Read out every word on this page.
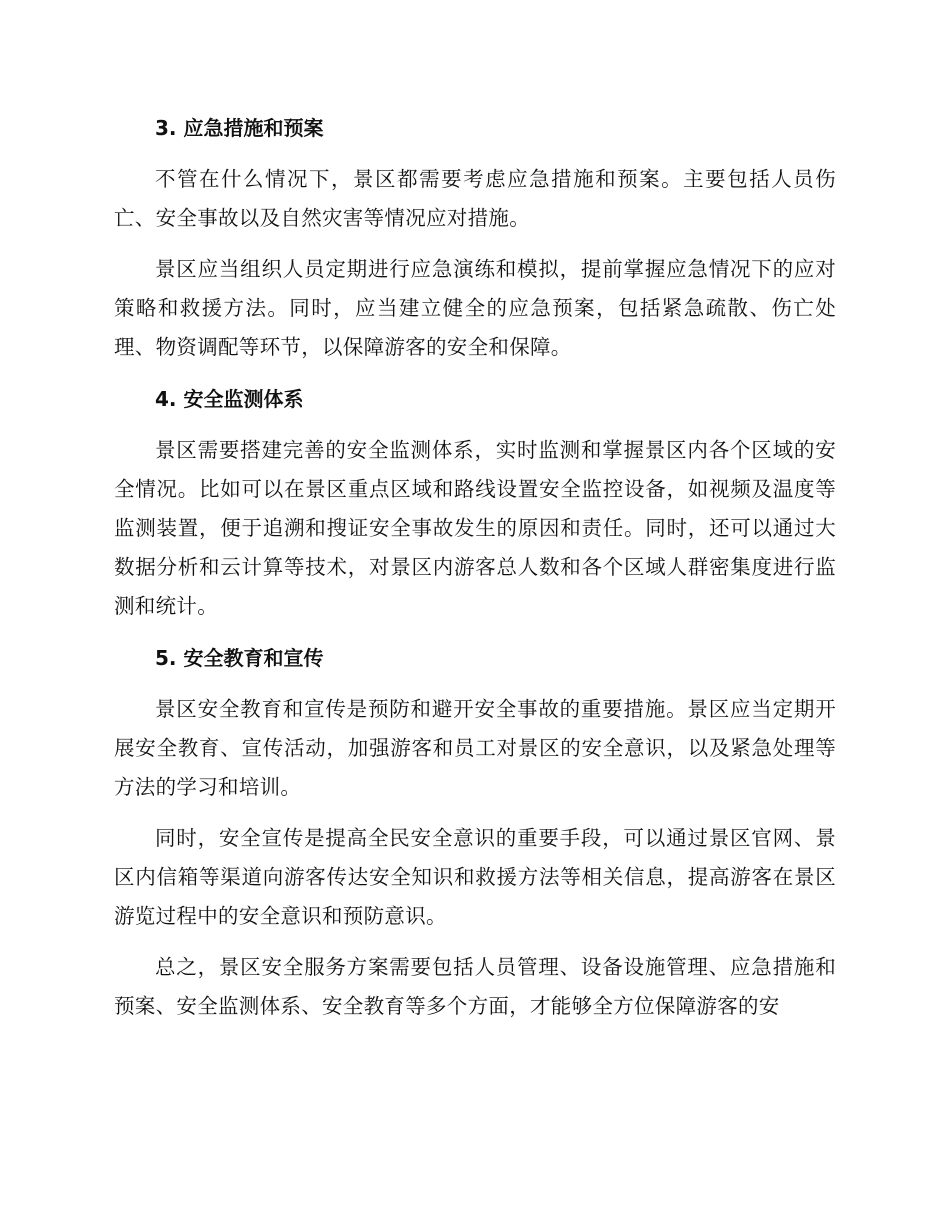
3. 应急措施和预案

不管在什么情况下，景区都需要考虑应急措施和预案。主要包括人员伤亡、安全事故以及自然灾害等情况应对措施。

景区应当组织人员定期进行应急演练和模拟，提前掌握应急情况下的应对策略和救援方法。同时，应当建立健全的应急预案，包括紧急疏散、伤亡处理、物资调配等环节，以保障游客的安全和保障。

4. 安全监测体系

景区需要搭建完善的安全监测体系，实时监测和掌握景区内各个区域的安全情况。比如可以在景区重点区域和路线设置安全监控设备，如视频及温度等监测装置，便于追溯和搜证安全事故发生的原因和责任。同时，还可以通过大数据分析和云计算等技术，对景区内游客总人数和各个区域人群密集度进行监测和统计。

5. 安全教育和宣传

景区安全教育和宣传是预防和避开安全事故的重要措施。景区应当定期开展安全教育、宣传活动，加强游客和员工对景区的安全意识，以及紧急处理等方法的学习和培训。

同时，安全宣传是提高全民安全意识的重要手段，可以通过景区官网、景区内信箱等渠道向游客传达安全知识和救援方法等相关信息，提高游客在景区游览过程中的安全意识和预防意识。

总之，景区安全服务方案需要包括人员管理、设备设施管理、应急措施和预案、安全监测体系、安全教育等多个方面，才能够全方位保障游客的安
